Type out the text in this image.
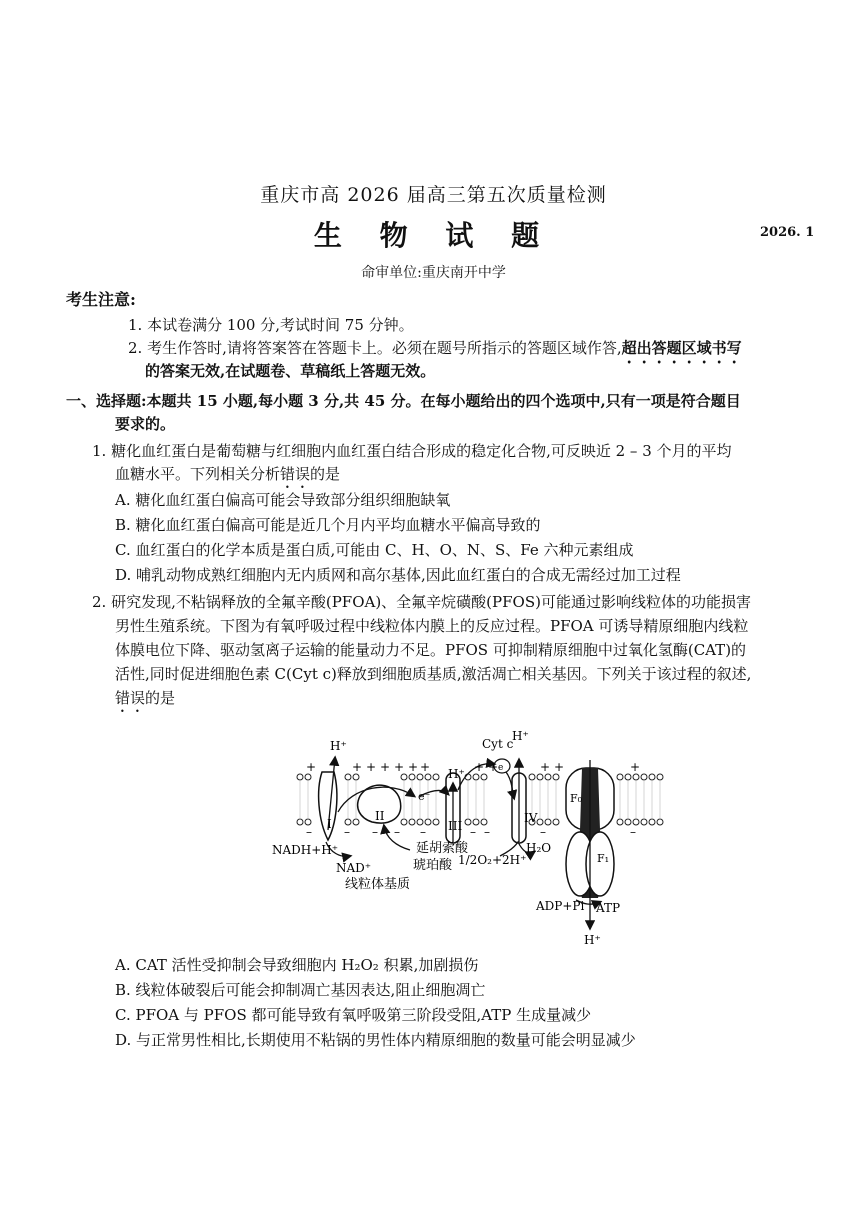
重庆市高 2026 届高三第五次质量检测
生 物 试 题	2026. 1
命审单位:重庆南开中学
考生注意:
1. 本试卷满分 100 分,考试时间 75 分钟。
2. 考生作答时,请将答案答在答题卡上。必须在题号所指示的答题区域作答,超出答题区域书写
的答案无效,在试题卷、草稿纸上答题无效。
一、选择题:本题共 15 小题,每小题 3 分,共 45 分。在每小题给出的四个选项中,只有一项是符合题目
要求的。
1. 糖化血红蛋白是葡萄糖与红细胞内血红蛋白结合形成的稳定化合物,可反映近 2 – 3 个月的平均
血糖水平。下列相关分析错误的是
A. 糖化血红蛋白偏高可能会导致部分组织细胞缺氧
B. 糖化血红蛋白偏高可能是近几个月内平均血糖水平偏高导致的
C. 血红蛋白的化学本质是蛋白质,可能由 C、H、O、N、S、Fe 六种元素组成
D. 哺乳动物成熟红细胞内无内质网和高尔基体,因此血红蛋白的合成无需经过加工过程
2. 研究发现,不粘锅释放的全氟辛酸(PFOA)、全氟辛烷磺酸(PFOS)可能通过影响线粒体的功能损害
男性生殖系统。下图为有氧呼吸过程中线粒体内膜上的反应过程。PFOA 可诱导精原细胞内线粒
体膜电位下降、驱动氢离子运输的能量动力不足。PFOS 可抑制精原细胞中过氧化氢酶(CAT)的
活性,同时促进细胞色素 C(Cyt c)释放到细胞质基质,激活凋亡相关基因。下列关于该过程的叙述,
错误的是
H⁺
H⁺
H⁺
H⁺
Cyt c
e⁻
e
I
II
III
IV
F₀
F₁
NADH+H⁺
NAD⁺
线粒体基质
延胡索酸
琥珀酸 1/2O₂+2H⁺
H₂O
ADP+Pi ATP
+	+ + + + + +	+ +	+ +	+
–	– – – –	– –	–	–
A. CAT 活性受抑制会导致细胞内 H₂O₂ 积累,加剧损伤
B. 线粒体破裂后可能会抑制凋亡基因表达,阻止细胞凋亡
C. PFOA 与 PFOS 都可能导致有氧呼吸第三阶段受阻,ATP 生成量减少
D. 与正常男性相比,长期使用不粘锅的男性体内精原细胞的数量可能会明显减少
